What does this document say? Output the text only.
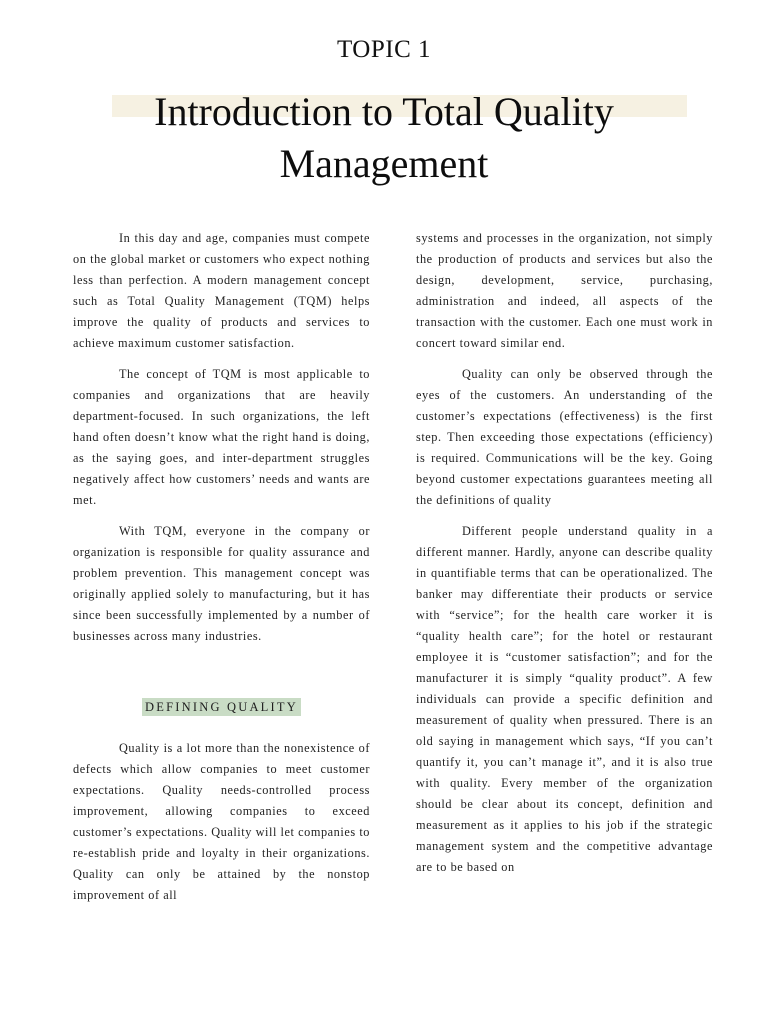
TOPIC 1
Introduction to Total Quality
Management

In this day and age, companies must compete on the global market or customers who expect nothing less than perfection. A modern management concept such as Total Quality Management (TQM) helps improve the quality of products and services to achieve maximum customer satisfaction.

The concept of TQM is most applicable to companies and organizations that are heavily department-focused. In such organizations, the left hand often doesn’t know what the right hand is doing, as the saying goes, and inter-department struggles negatively affect how customers’ needs and wants are met.

With TQM, everyone in the company or organization is responsible for quality assurance and problem prevention. This management concept was originally applied solely to manufacturing, but it has since been successfully implemented by a number of businesses across many industries.

DEFINING QUALITY

Quality is a lot more than the nonexistence of defects which allow companies to meet customer expectations. Quality needs-controlled process improvement, allowing companies to exceed customer’s expectations. Quality will let companies to re-establish pride and loyalty in their organizations. Quality can only be attained by the nonstop improvement of all

systems and processes in the organization, not simply the production of products and services but also the design, development, service, purchasing, administration and indeed, all aspects of the transaction with the customer. Each one must work in concert toward similar end.

Quality can only be observed through the eyes of the customers. An understanding of the customer’s expectations (effectiveness) is the first step. Then exceeding those expectations (efficiency) is required. Communications will be the key. Going beyond customer expectations guarantees meeting all the definitions of quality

Different people understand quality in a different manner. Hardly, anyone can describe quality in quantifiable terms that can be operationalized. The banker may differentiate their products or service with “service”; for the health care worker it is “quality health care”; for the hotel or restaurant employee it is “customer satisfaction”; and for the manufacturer it is simply “quality product”. A few individuals can provide a specific definition and measurement of quality when pressured. There is an old saying in management which says, “If you can’t quantify it, you can’t manage it”, and it is also true with quality. Every member of the organization should be clear about its concept, definition and measurement as it applies to his job if the strategic management system and the competitive advantage are to be based on
